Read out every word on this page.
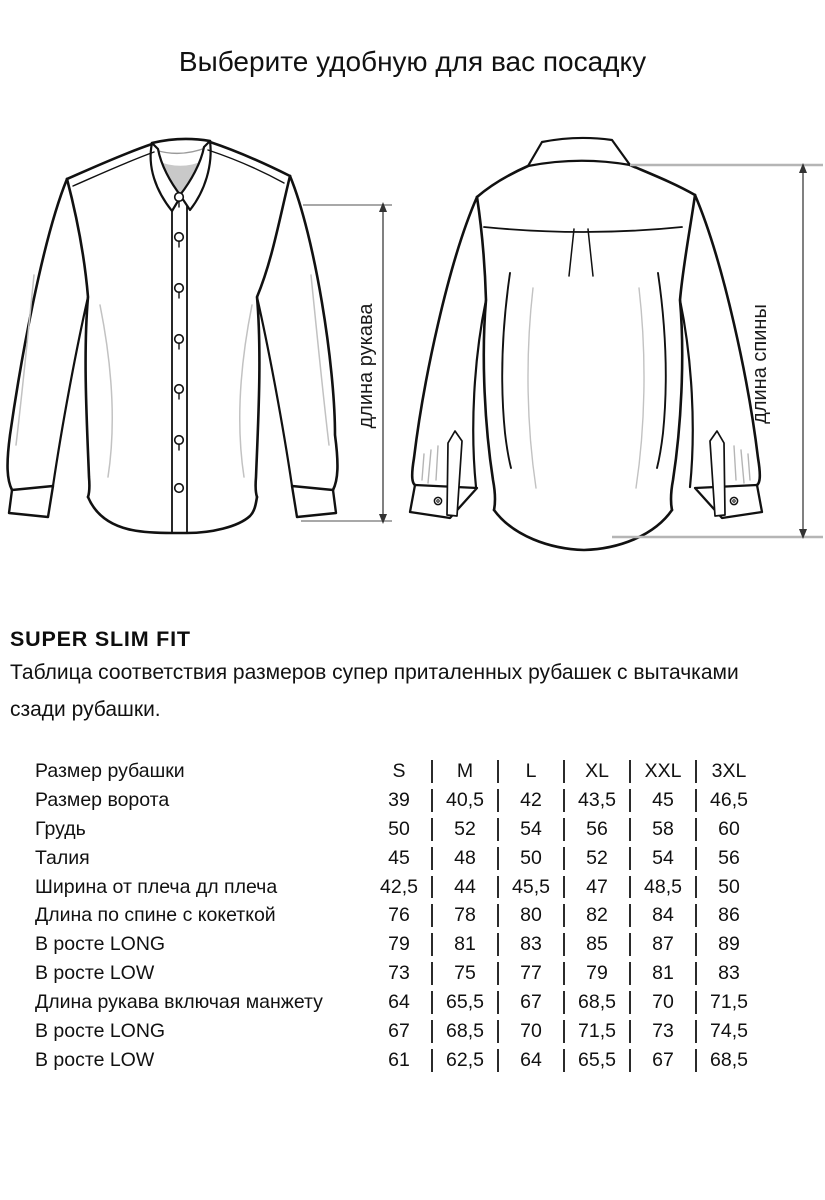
Выберите удобную для вас посадку
длина рукава	длина спины
SUPER SLIM FIT
Таблица соответствия размеров супер приталенных рубашек с вытачками
сзади рубашки.
Размер рубашки	S	M	L	XL	XXL	3XL
Размер ворота	39	40,5	42	43,5	45	46,5
Грудь	50	52	54	56	58	60
Талия	45	48	50	52	54	56
Ширина от плеча дл плеча	42,5	44	45,5	47	48,5	50
Длина по спине с кокеткой	76	78	80	82	84	86
В росте LONG	79	81	83	85	87	89
В росте LOW	73	75	77	79	81	83
Длина рукава включая манжету	64	65,5	67	68,5	70	71,5
В росте LONG	67	68,5	70	71,5	73	74,5
В росте LOW	61	62,5	64	65,5	67	68,5
